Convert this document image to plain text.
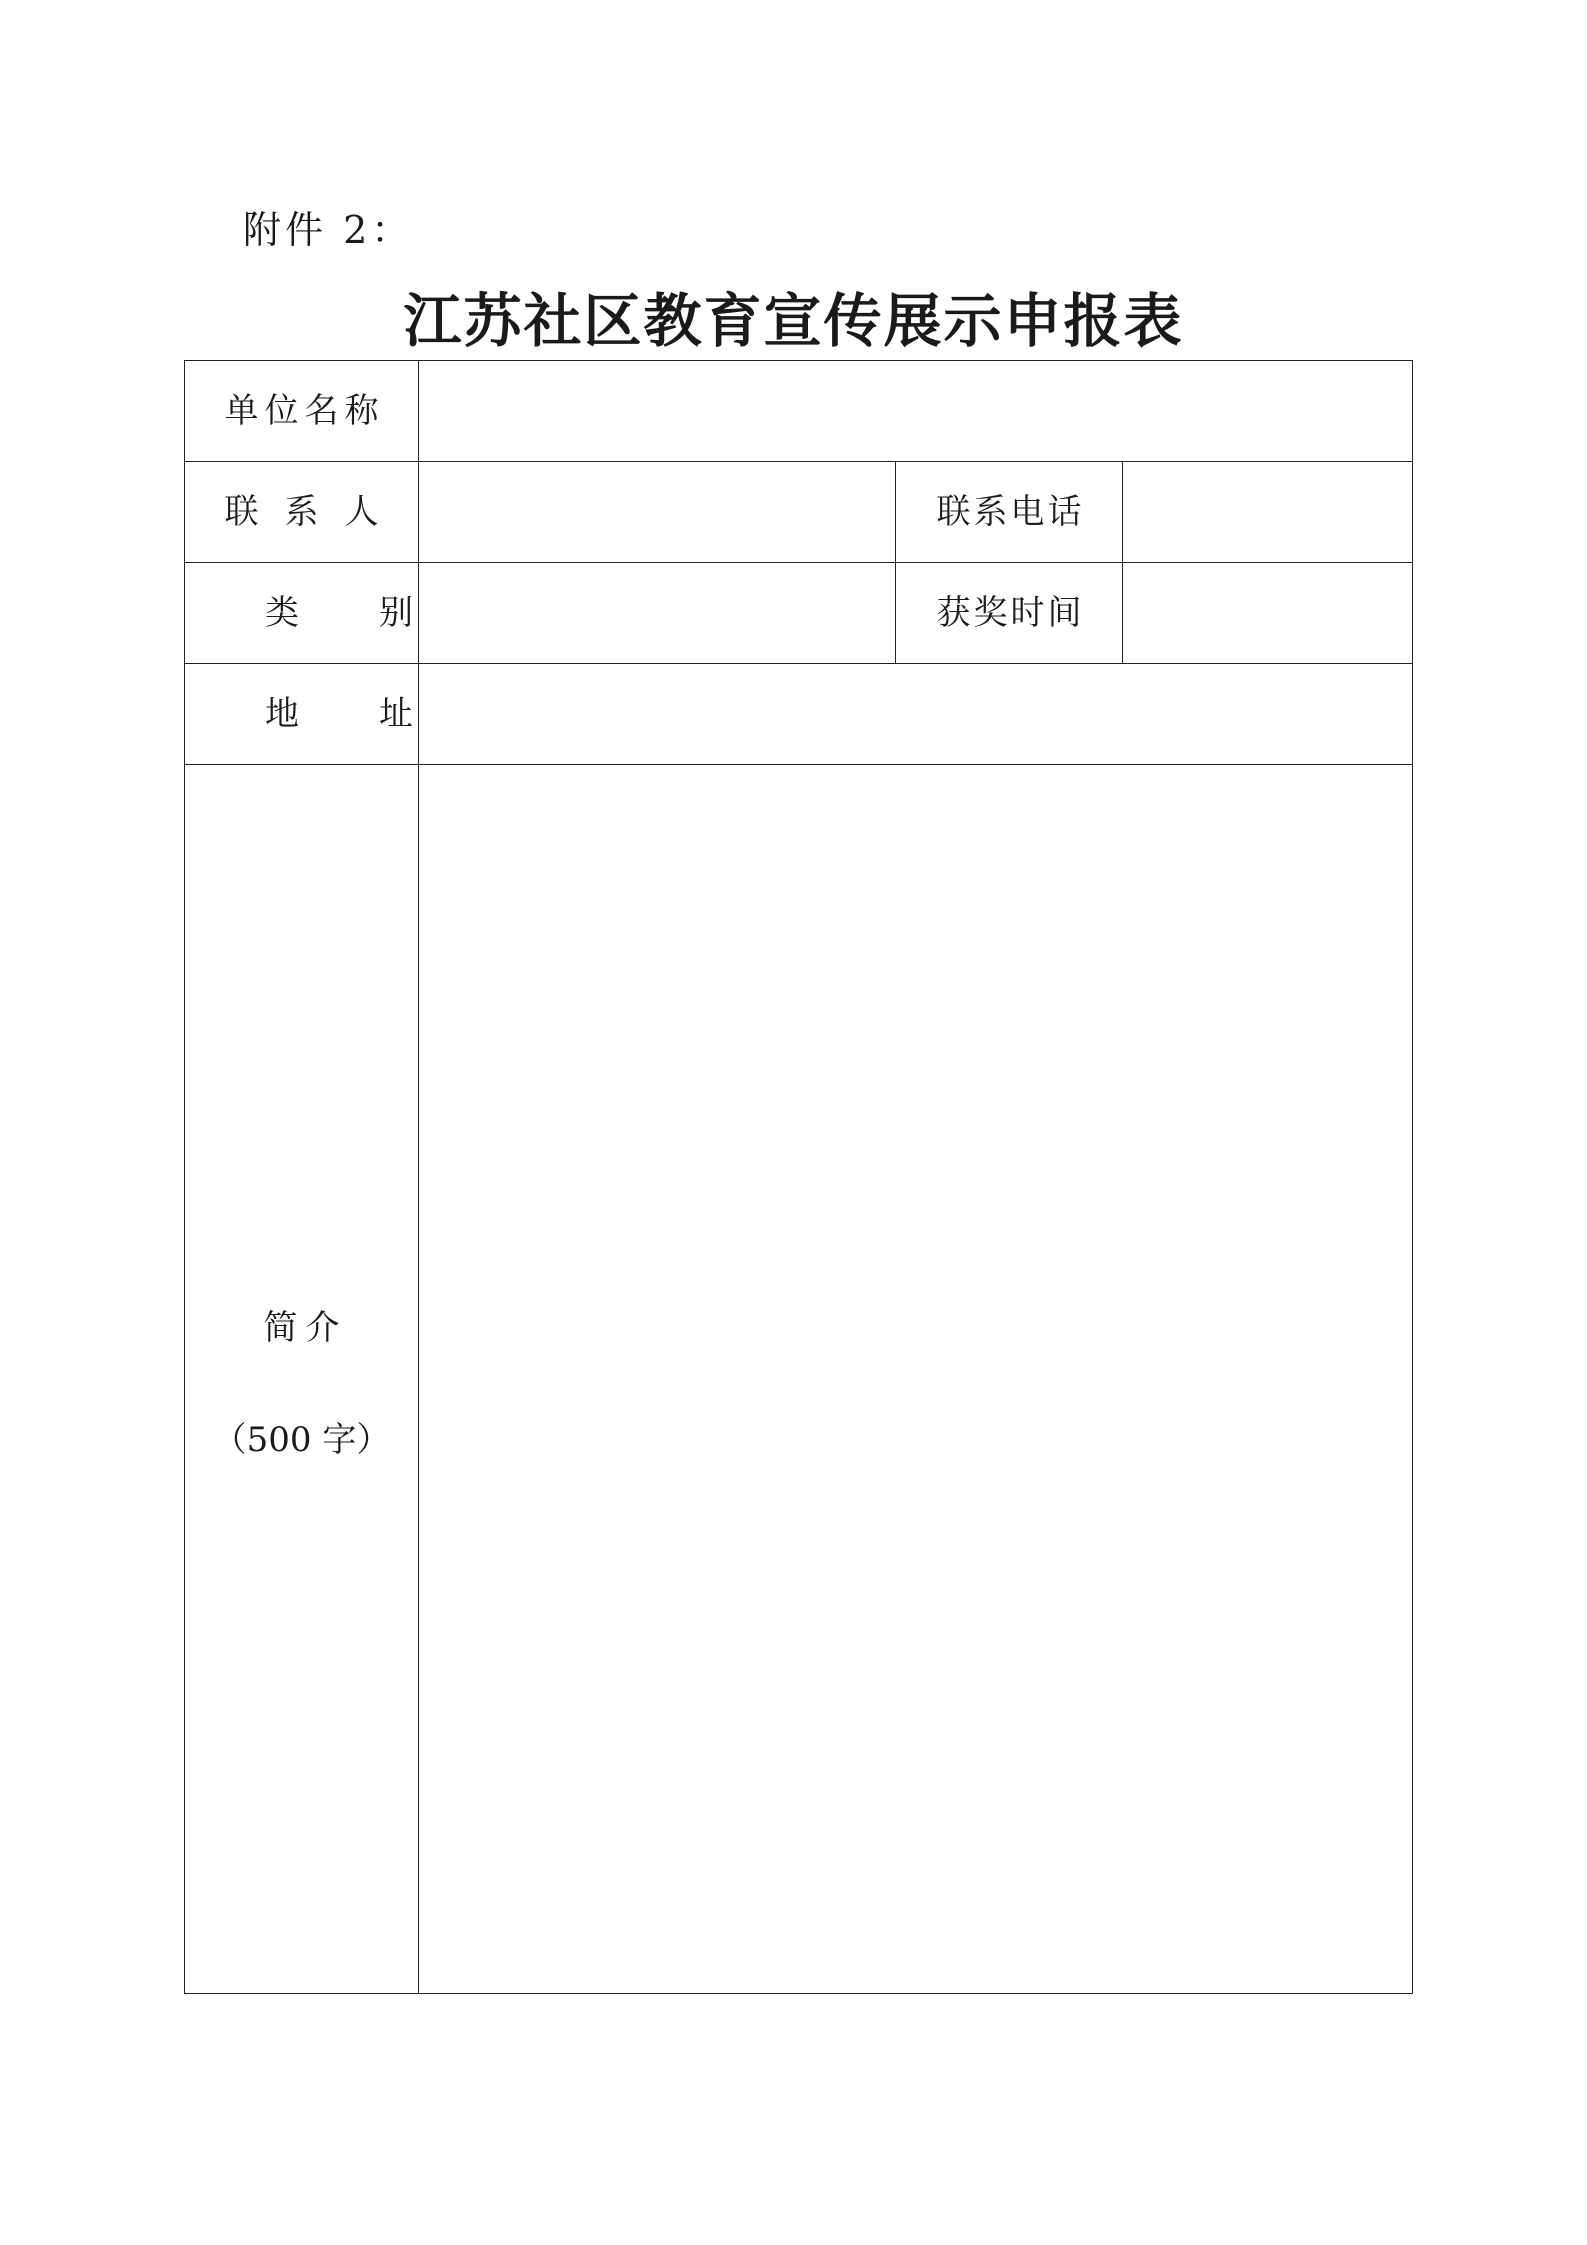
附件 2：
江苏社区教育宣传展示申报表
单位名称			
联系人		联系电话	
类别		获奖时间	
地址			

简介
（500 字）			
